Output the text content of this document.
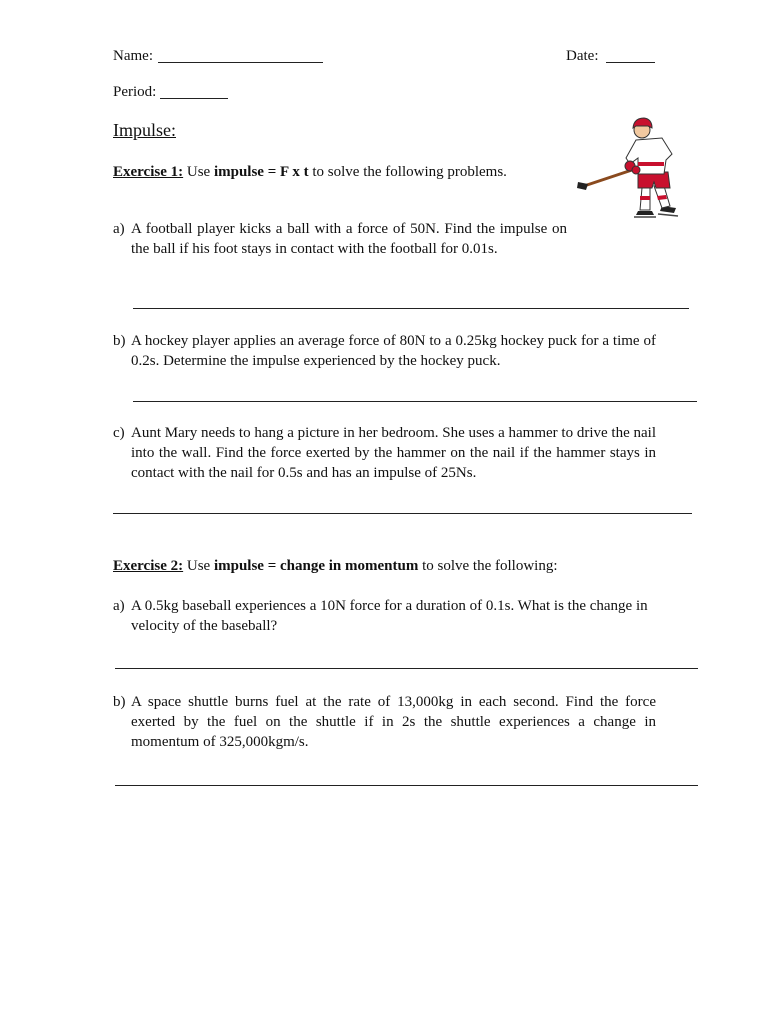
Name:	Date:
Period:
Impulse:
Exercise 1: Use impulse = F x t to solve the following problems.
a) A football player kicks a ball with a force of 50N. Find the impulse on the ball if his foot stays in contact with the football for 0.01s.
b) A hockey player applies an average force of 80N to a 0.25kg hockey puck for a time of 0.2s. Determine the impulse experienced by the hockey puck.
c) Aunt Mary needs to hang a picture in her bedroom. She uses a hammer to drive the nail into the wall. Find the force exerted by the hammer on the nail if the hammer stays in contact with the nail for 0.5s and has an impulse of 25Ns.
Exercise 2: Use impulse = change in momentum to solve the following:
a) A 0.5kg baseball experiences a 10N force for a duration of 0.1s. What is the change in velocity of the baseball?
b) A space shuttle burns fuel at the rate of 13,000kg in each second. Find the force exerted by the fuel on the shuttle if in 2s the shuttle experiences a change in momentum of 325,000kgm/s.
